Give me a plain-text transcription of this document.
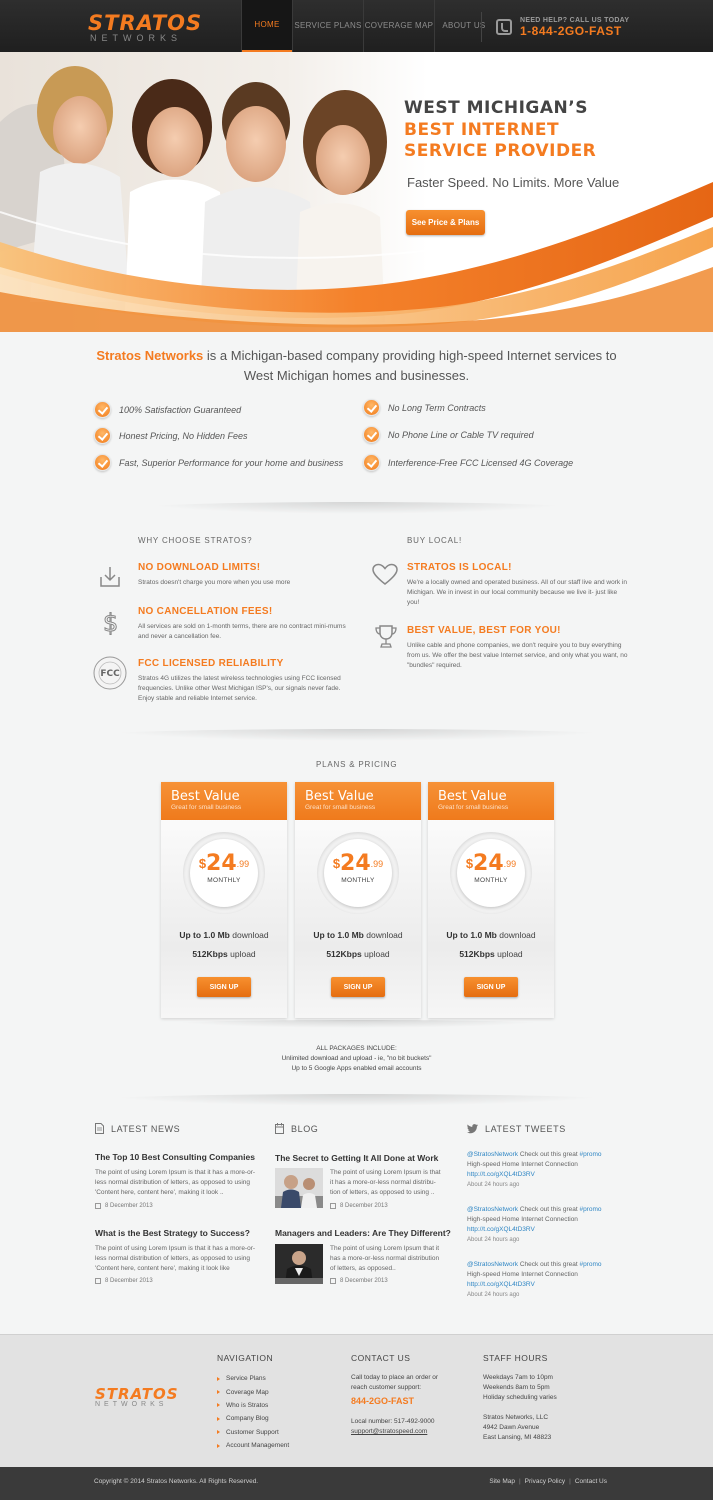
STRATOS
NETWORKS
HOME	SERVICE PLANS COVERAGE MAP	ABOUT US
NEED HELP? CALL US TODAY
1-844-2GO-FAST
WEST MICHIGAN’S
BEST INTERNET SERVICE PROVIDER
Faster Speed. No Limits. More Value
See Price & Plans
Stratos Networks is a Michigan-based company providing high-speed Internet services to West Michigan homes and businesses.
100% Satisfaction Guaranteed
Honest Pricing, No Hidden Fees
Fast, Superior Performance for your home and business
No Long Term Contracts
No Phone Line or Cable TV required
Interference-Free FCC Licensed 4G Coverage
WHY CHOOSE STRATOS?	BUY LOCAL!
NO DOWNLOAD LIMITS!
Stratos doesn't charge you more when you use more
$ NO CANCELLATION FEES!
All services are sold on 1-month terms, there are no contract mini-mums and never a cancellation fee.
FCC
FCC LICENSED RELIABILITY
Stratos 4G utilizes the latest wireless technologies using FCC licensed frequencies. Unlike other West Michigan ISP's, our signals never fade. Enjoy stable and reliable Internet service.
STRATOS IS LOCAL!
We're a locally owned and operated business. All of our staff live and work in Michigan. We in invest in our local community because we live it- just like you!
BEST VALUE, BEST FOR YOU!
Unlike cable and phone companies, we don't require you to buy everything from us. We offer the best value Internet service, and only what you want, no "bundles" required.
PLANS & PRICING
Best Value
Great for small business
$^{\$}24^{.99}$
MONTHLY
Up to 1.0 Mb download
512Kbps upload
SIGN UP
Best Value
Great for small business
$^{\$}24^{.99}$
MONTHLY
Up to 1.0 Mb download
512Kbps upload
SIGN UP
Best Value
Great for small business
$^{\$}24^{.99}$
MONTHLY
Up to 1.0 Mb download
512Kbps upload
SIGN UP
ALL PACKAGES INCLUDE:
Unlimited download and upload - ie, "no bit buckets"
Up to 5 Google Apps enabled email accounts
LATEST NEWS
The Top 10 Best Consulting Companies
The point of using Lorem Ipsum is that it has a more-or-less normal distribution of letters, as opposed to using 'Content here, content here', making it look ..
8 December 2013
What is the Best Strategy to Success?
The point of using Lorem Ipsum is that it has a more-or-less normal distribution of letters, as opposed to using 'Content here, content here', making it look like
8 December 2013
BLOG
The Secret to Getting It All Done at Work
The point of using Lorem Ipsum is that it has a more-or-less normal distribu-tion of letters, as opposed to using ..
8 December 2013
Managers and Leaders: Are They Different?
The point of using Lorem Ipsum that it has a more-or-less normal distribution of letters, as opposed..
8 December 2013
LATEST TWEETS
@StratosNetwork Check out this great #promo High-speed Home Internet Connection http://t.co/gXQL4tD3RV
About 24 hours ago
@StratosNetwork Check out this great #promo High-speed Home Internet Connection http://t.co/gXQL4tD3RV
About 24 hours ago
@StratosNetwork Check out this great #promo High-speed Home Internet Connection http://t.co/gXQL4tD3RV
About 24 hours ago
STRATOS
NETWORKS
NAVIGATION
Service Plans
Coverage Map
Who is Stratos
Company Blog
Customer Support
Account Management
CONTACT US
Call today to place an order or reach customer support:
844-2GO-FAST
Local number: 517-492-9000
support@stratospeed.com
STAFF HOURS
Weekdays 7am to 10pm
Weekends 8am to 5pm
Holiday scheduling varies
Stratos Networks, LLC
4942 Dawn Avenue
East Lansing, MI 48823
Copyright © 2014 Stratos Networks. All Rights Reserved.	Site Map | Privacy Policy | Contact Us
